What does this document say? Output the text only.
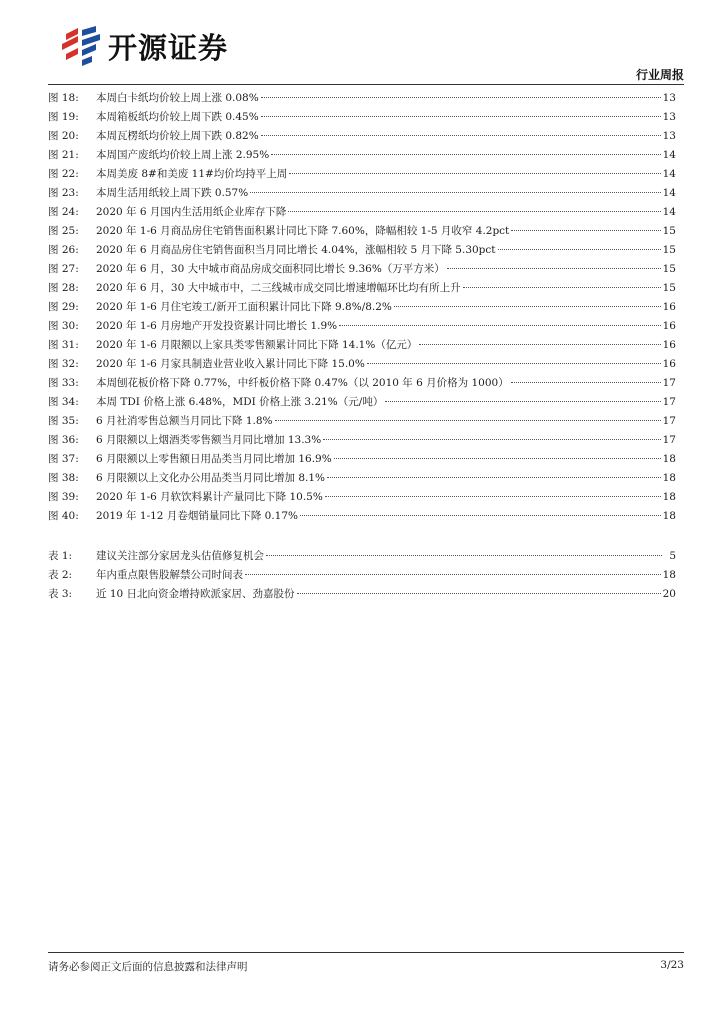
开源证券
行业周报
图 18:	本周白卡纸均价较上周上涨 0.08%	13
图 19:	本周箱板纸均价较上周下跌 0.45%	13
图 20:	本周瓦楞纸均价较上周下跌 0.82%	13
图 21:	本周国产废纸均价较上周上涨 2.95%	14
图 22:	本周美废 8#和美废 11#均价均持平上周	14
图 23:	本周生活用纸较上周下跌 0.57%	14
图 24:	2020 年 6 月国内生活用纸企业库存下降	14
图 25:	2020 年 1-6 月商品房住宅销售面积累计同比下降 7.60%，降幅相较 1-5 月收窄 4.2pct	15
图 26:	2020 年 6 月商品房住宅销售面积当月同比增长 4.04%，涨幅相较 5 月下降 5.30pct	15
图 27:	2020 年 6 月，30 大中城市商品房成交面积同比增长 9.36%（万平方米）	15
图 28:	2020 年 6 月，30 大中城市中，二三线城市成交同比增速增幅环比均有所上升	15
图 29:	2020 年 1-6 月住宅竣工/新开工面积累计同比下降 9.8%/8.2%	16
图 30:	2020 年 1-6 月房地产开发投资累计同比增长 1.9%	16
图 31:	2020 年 1-6 月限额以上家具类零售额累计同比下降 14.1%（亿元）	16
图 32:	2020 年 1-6 月家具制造业营业收入累计同比下降 15.0%	16
图 33:	本周刨花板价格下降 0.77%，中纤板价格下降 0.47%（以 2010 年 6 月价格为 1000）	17
图 34:	本周 TDI 价格上涨 6.48%，MDI 价格上涨 3.21%（元/吨）	17
图 35:	6 月社消零售总额当月同比下降 1.8%	17
图 36:	6 月限额以上烟酒类零售额当月同比增加 13.3%	17
图 37:	6 月限额以上零售额日用品类当月同比增加 16.9%	18
图 38:	6 月限额以上文化办公用品类当月同比增加 8.1%	18
图 39:	2020 年 1-6 月软饮料累计产量同比下降 10.5%	18
图 40:	2019 年 1-12 月卷烟销量同比下降 0.17%	18
表 1:	建议关注部分家居龙头估值修复机会	5
表 2:	年内重点限售股解禁公司时间表	18
表 3:	近 10 日北向资金增持欧派家居、劲嘉股份	20
请务必参阅正文后面的信息披露和法律声明	3/23
